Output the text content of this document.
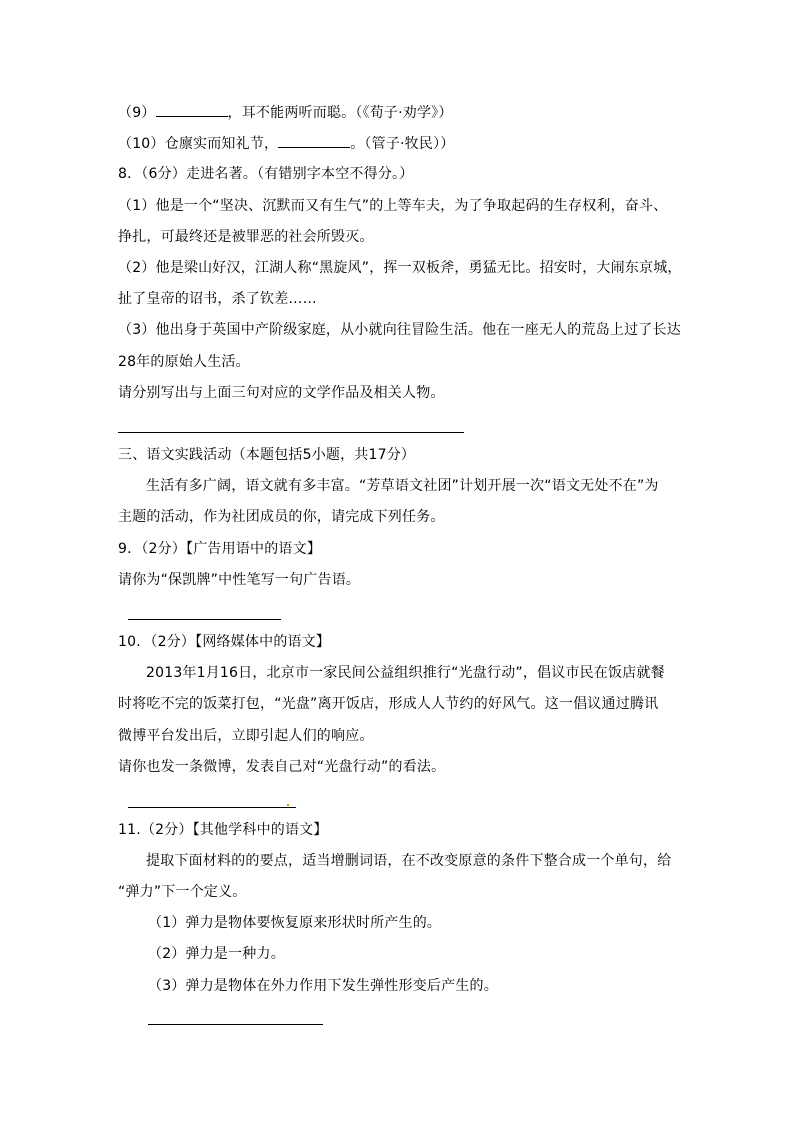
（9）	，耳不能两听而聪。（《荀子·劝学》）

（10）仓廪实而知礼节，	。（管子·牧民））

8．（6分）走进名著。（有错别字本空不得分。）

（1）他是一个“坚决、沉默而又有生气”的上等车夫，为了争取起码的生存权利，奋斗、

挣扎，可最终还是被罪恶的社会所毁灭。

（2）他是梁山好汉，江湖人称“黑旋风”，挥一双板斧，勇猛无比。招安时，大闹东京城，

扯了皇帝的诏书，杀了钦差……

（3）他出身于英国中产阶级家庭，从小就向往冒险生活。他在一座无人的荒岛上过了长达

28年的原始人生活。

请分别写出与上面三句对应的文学作品及相关人物。

三、语文实践活动（本题包括5小题，共17分）

生活有多广阔，语文就有多丰富。“芳草语文社团”计划开展一次“语文无处不在”为

主题的活动，作为社团成员的你，请完成下列任务。

9．（2分）【广告用语中的语文】

请你为“保凯牌”中性笔写一句广告语。

10．（2分）【网络媒体中的语文】

2013年1月16日，北京市一家民间公益组织推行“光盘行动”，倡议市民在饭店就餐

时将吃不完的饭菜打包，“光盘”离开饭店，形成人人节约的好风气。这一倡议通过腾讯

微博平台发出后，立即引起人们的响应。

请你也发一条微博，发表自己对“光盘行动”的看法。

11.（2分）【其他学科中的语文】

提取下面材料的的要点，适当增删词语，在不改变原意的条件下整合成一个单句，给

“弹力”下一个定义。

（1）弹力是物体要恢复原来形状时所产生的。

（2）弹力是一种力。

（3）弹力是物体在外力作用下发生弹性形变后产生的。
